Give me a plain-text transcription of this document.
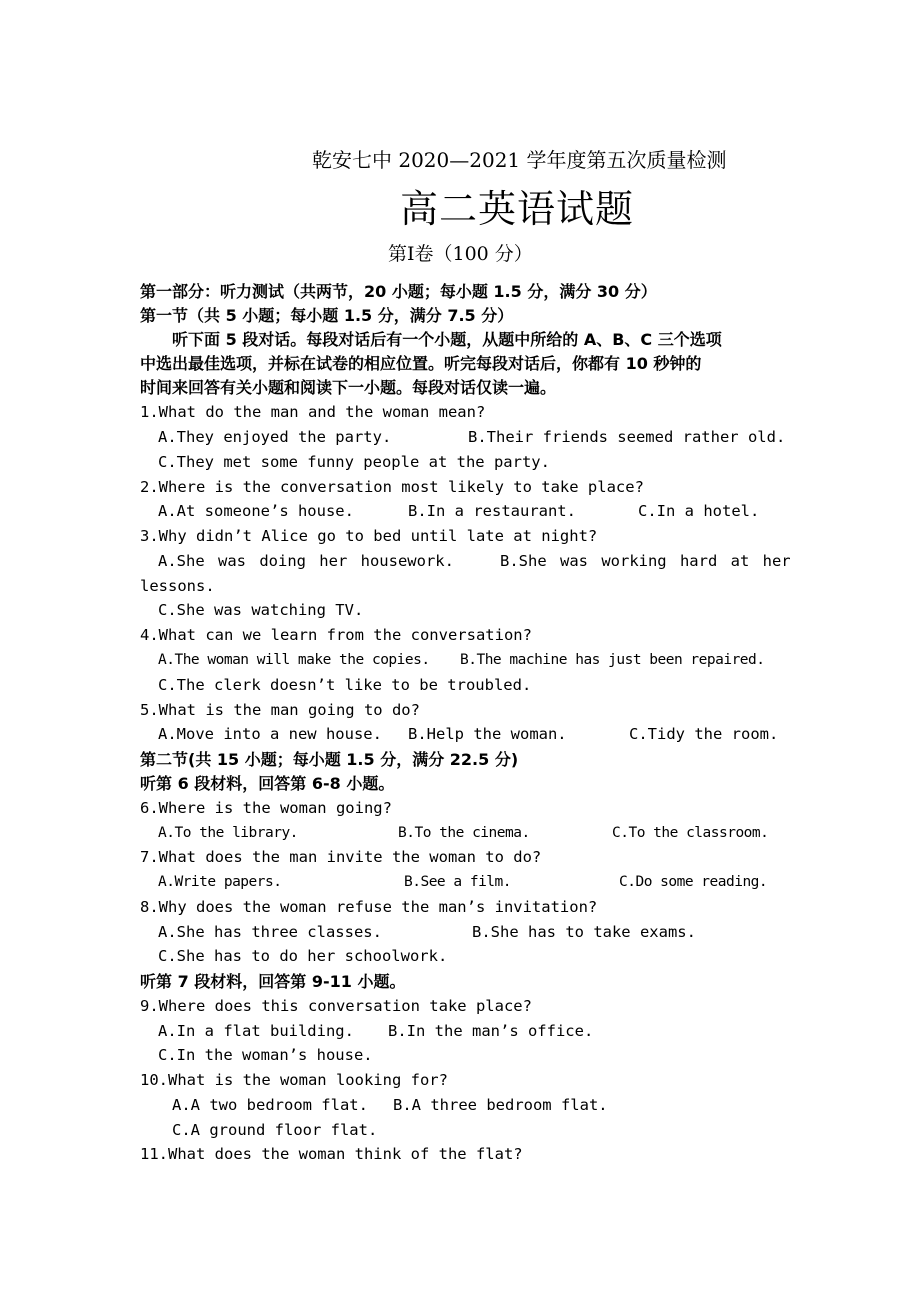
乾安七中 2020—2021 学年度第五次质量检测
高二英语试题
第Ⅰ卷（100 分）
第一部分：听力测试（共两节，20 小题；每小题 1.5 分，满分 30 分）
第一节（共 5 小题；每小题 1.5 分，满分 7.5 分）
听下面 5 段对话。每段对话后有一个小题，从题中所给的 A、B、C 三个选项
中选出最佳选项，并标在试卷的相应位置。听完每段对话后，你都有 10 秒钟的
时间来回答有关小题和阅读下一小题。每段对话仅读一遍。
1.What do the man and the woman mean?
A.They enjoyed the party.	B.Their friends seemed rather old.
C.They met some funny people at the party.
2.Where is the conversation most likely to take place?
A.At someone’s house.	B.In a restaurant.	C.In a hotel.
3.Why didn’t Alice go to bed until late at night?
A.She was doing her housework.	B.She was working hard at her
lessons.
C.She was watching TV.
4.What can we learn from the conversation?
A.The woman will make the copies. B.The machine has just been repaired.
C.The clerk doesn’t like to be troubled.
5.What is the man going to do?
A.Move into a new house. B.Help the woman.	C.Tidy the room.
第二节(共 15 小题；每小题 1.5 分，满分 22.5 分)
听第 6 段材料，回答第 6-8 小题。
6.Where is the woman going?
A.To the library.	B.To the cinema.	C.To the classroom.
7.What does the man invite the woman to do?
A.Write papers.	B.See a film.	C.Do some reading.
8.Why does the woman refuse the man’s invitation?
A.She has three classes.	B.She has to take exams.
C.She has to do her schoolwork.
听第 7 段材料，回答第 9-11 小题。
9.Where does this conversation take place?
A.In a flat building. B.In the man’s office.
C.In the woman’s house.
10.What is the woman looking for?
A.A two bedroom flat. B.A three bedroom flat.
C.A ground floor flat.
11.What does the woman think of the flat?
